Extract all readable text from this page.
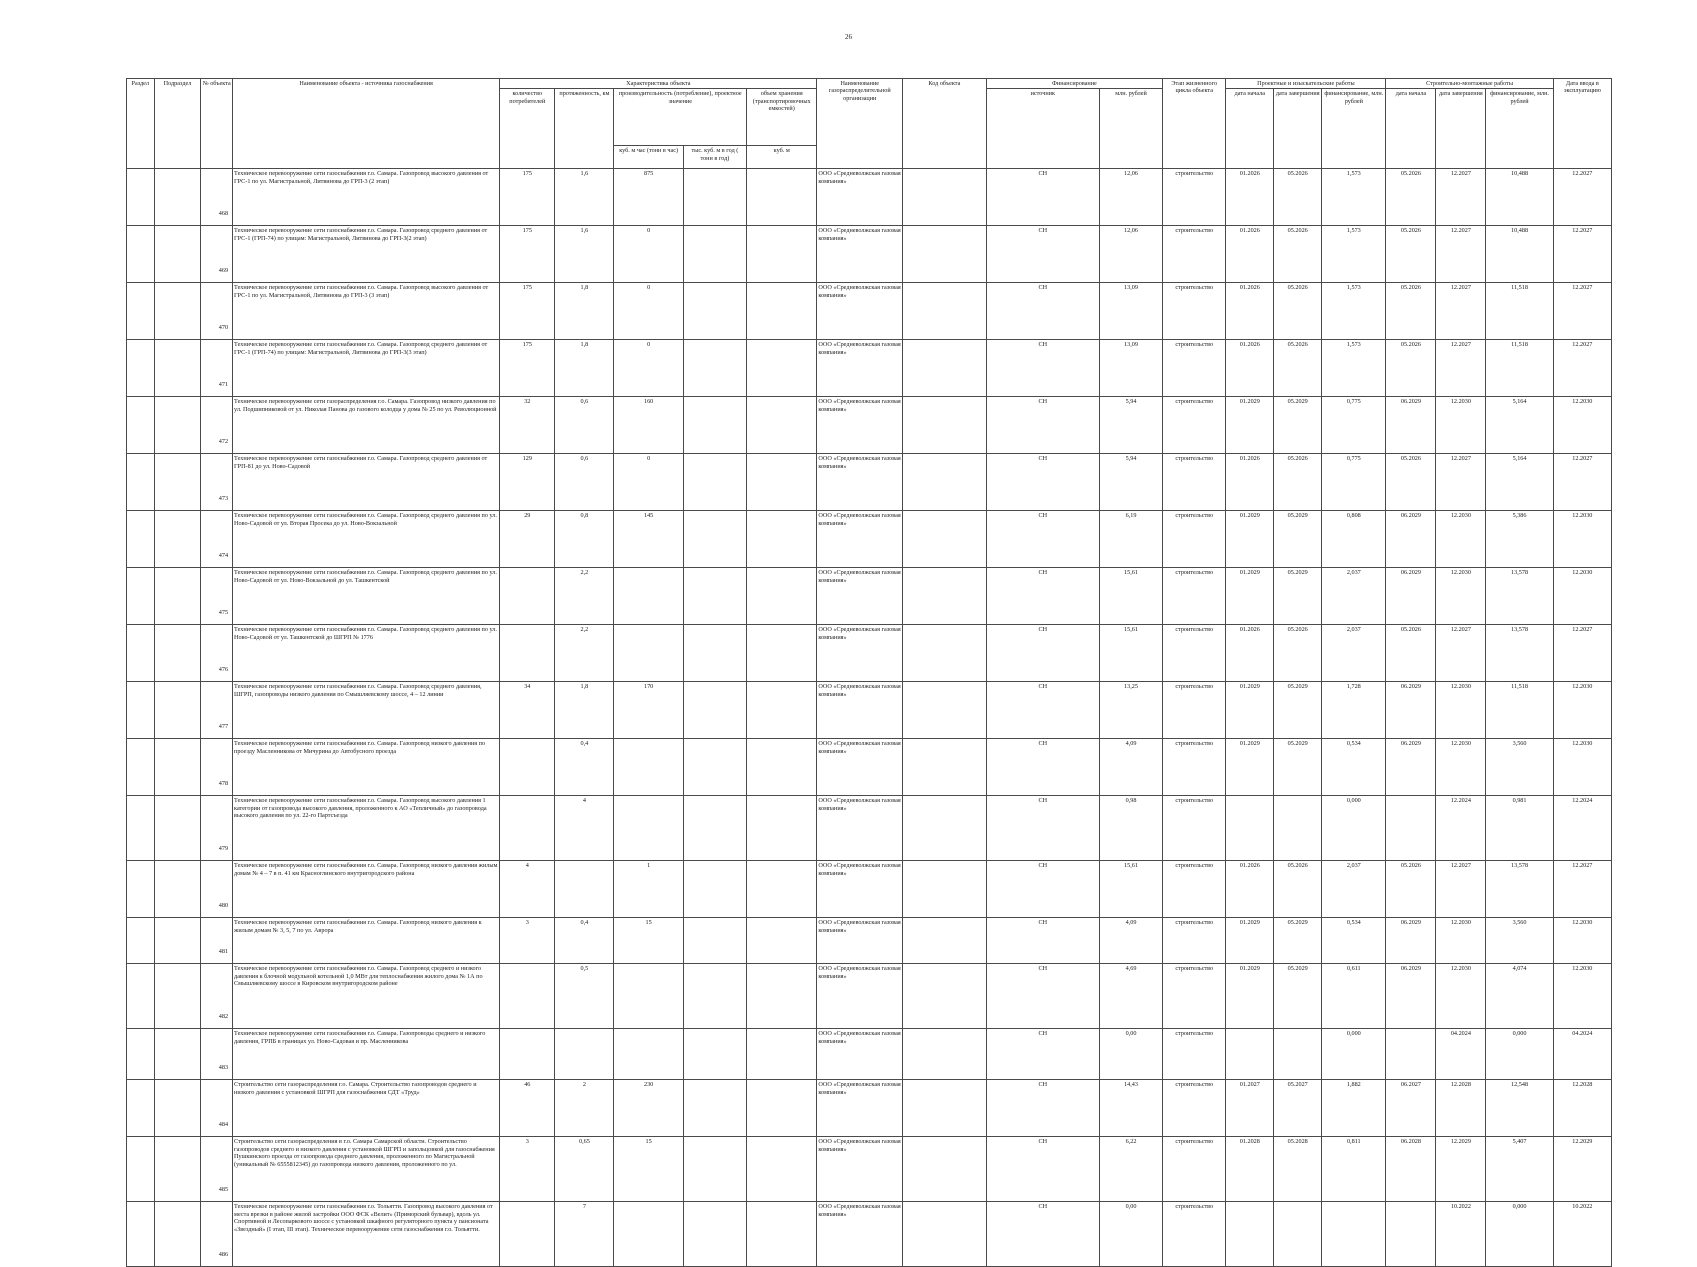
26
Раздел	Подраздел	№ объекта	Наименование объекта - источника газоснабжения	Характеристика объекта					Наименование газораспределительной организации	Код объекта	Финансирование		Этап жизненного цикла объекта	Проектные и изыскательские работы			Строительно-монтажные работы			Дата ввода в эксплуатацию
				количество потребителей	протяженность, км	производительность (потребление), проектное значение		объем хранения (транспортировочных емкостей)			источник	млн. рублей		дата начала	дата завершения	финансирование, млн. рублей	дата начала	дата завершения	финансирование, млн. рублей	
						куб. м час (тонн в час)	тыс. куб. м в год ( тонн в год)	куб. м												
		468	Техническое перевооружение сети газоснабжения г.о. Самара. Газопровод высокого давления от ГРС-1 по ул. Магистральной, Литвинова до ГРП-3 (2 этап)	175	1,6	875			ООО «Средневолжская газовая компания»		СН	12,06	строительство	01.2026	05.2026	1,573	05.2026	12.2027	10,488	12.2027
		469	Техническое перевооружение сети газоснабжения г.о. Самара. Газопровод среднего давления от ГРС-1 (ГРП-74) по улицам: Магистральной, Литвинова до ГРП-3(2 этап)	175	1,6	0			ООО «Средневолжская газовая компания»		СН	12,06	строительство	01.2026	05.2026	1,573	05.2026	12.2027	10,488	12.2027
		470	Техническое перевооружение сети газоснабжения г.о. Самара. Газопровод высокого давления от ГРС-1 по ул. Магистральной, Литвинова до ГРП-3 (3 этап)	175	1,8	0			ООО «Средневолжская газовая компания»		СН	13,09	строительство	01.2026	05.2026	1,573	05.2026	12.2027	11,518	12.2027
		471	Техническое перевооружение сети газоснабжения г.о. Самара. Газопровод среднего давления от ГРС-1 (ГРП-74) по улицам: Магистральной, Литвинова до ГРП-3(3 этап)	175	1,8	0			ООО «Средневолжская газовая компания»		СН	13,09	строительство	01.2026	05.2026	1,573	05.2026	12.2027	11,518	12.2027
		472	Техническое перевооружение сети газораспределения г.о. Самара. Газопровод низкого давления по ул. Подшипниковой от ул. Николая Панова до газового колодца у дома № 25 по ул. Революционной	32	0,6	160			ООО «Средневолжская газовая компания»		СН	5,94	строительство	01.2029	05.2029	0,775	06.2029	12.2030	5,164	12.2030
		473	Техническое перевооружение сети газоснабжения г.о. Самара. Газопровод среднего давления от ГРП-81 до ул. Ново-Садовой	129	0,6	0			ООО «Средневолжская газовая компания»		СН	5,94	строительство	01.2026	05.2026	0,775	05.2026	12.2027	5,164	12.2027
		474	Техническое перевооружение сети газоснабжения г.о. Самара. Газопровод среднего давления по ул. Ново-Садовой от ул. Вторая Просека до ул. Ново-Вокзальной	29	0,8	145			ООО «Средневолжская газовая компания»		СН	6,19	строительство	01.2029	05.2029	0,808	06.2029	12.2030	5,386	12.2030
		475	Техническое перевооружение сети газоснабжения г.о. Самара. Газопровод среднего давления по ул. Ново-Садовой от ул. Ново-Вокзальной до ул. Ташкентской		2,2				ООО «Средневолжская газовая компания»		СН	15,61	строительство	01.2029	05.2029	2,037	06.2029	12.2030	13,578	12.2030
		476	Техническое перевооружение сети газоснабжения г.о. Самара. Газопровод среднего давления по ул. Ново-Садовой от ул. Ташкентской до ШГРП № 1776		2,2				ООО «Средневолжская газовая компания»		СН	15,61	строительство	01.2026	05.2026	2,037	05.2026	12.2027	13,578	12.2027
		477	Техническое перевооружение сети газоснабжения г.о. Самара. Газопровод среднего давления, ШГРП, газопроводы низкого давления по Смышляевскому шоссе, 4 – 12 линии	34	1,8	170			ООО «Средневолжская газовая компания»		СН	13,25	строительство	01.2029	05.2029	1,728	06.2029	12.2030	11,518	12.2030
		478	Техническое перевооружение сети газоснабжения г.о. Самара. Газопровод низкого давления по проезду Масленникова от Мичурина до Автобусного проезда		0,4				ООО «Средневолжская газовая компания»		СН	4,09	строительство	01.2029	05.2029	0,534	06.2029	12.2030	3,560	12.2030
		479	Техническое перевооружение сети газоснабжения г.о. Самара. Газопровод высокого давления 1 категории от газопровода высокого давления, проложенного к АО «Тепличный» до газопровода высокого давления по ул. 22-го Партсъезда		4				ООО «Средневолжская газовая компания»		СН	0,98	строительство			0,000		12.2024	0,981	12.2024
		480	Техническое перевооружение сети газоснабжения г.о. Самара. Газопровод низкого давления жилым домам № 4 – 7 в п. 41 км Красноглинского внутригородского района	4		1			ООО «Средневолжская газовая компания»		СН	15,61	строительство	01.2026	05.2026	2,037	05.2026	12.2027	13,578	12.2027
		481	Техническое перевооружение сети газоснабжения г.о. Самара. Газопровод низкого давления к жилым домам № 3, 5, 7 по ул. Аврора	3	0,4	15			ООО «Средневолжская газовая компания»		СН	4,09	строительство	01.2029	05.2029	0,534	06.2029	12.2030	3,560	12.2030
		482	Техническое перевооружение сети газоснабжения г.о. Самара. Газопровод среднего и низкого давления к блочной модульной котельной 1,0 МВт для теплоснабжения жилого дома № 1А по Смышляевскому шоссе в Кировском внутригородском районе		0,5				ООО «Средневолжская газовая компания»		СН	4,69	строительство	01.2029	05.2029	0,611	06.2029	12.2030	4,074	12.2030
		483	Техническое перевооружение сети газоснабжения г.о. Самара. Газопроводы среднего и низкого давления, ГРПБ в границах ул. Ново-Садовая и пр. Масленникова						ООО «Средневолжская газовая компания»		СН	0,00	строительство			0,000		04.2024	0,000	04.2024
		484	Строительство сети газораспределения г.о. Самара. Строительство газопроводов среднего и низкого давления с установкой ШГРП для газоснабжения СДТ «Труд»	46	2	230			ООО «Средневолжская газовая компания»		СН	14,43	строительство	01.2027	05.2027	1,882	06.2027	12.2028	12,548	12.2028
		485	Строительство сети газораспределения в г.о. Самара Самарской области. Строительство газопроводов среднего и низкого давления с установкой ШГРП и запольцовкой для газоснабжения Пушкинского проезда от газопровода среднего давления, проложенного по Магистральной (уникальный № 6555812345) до газопровода низкого давления, проложенного по ул.	3	0,65	15			ООО «Средневолжская газовая компания»		СН	6,22	строительство	01.2028	05.2028	0,811	06.2028	12.2029	5,407	12.2029
		486	Техническое перевооружение сети газоснабжения г.о. Тольятти. Газопровод высокого давления от места врезки в районе жилой застройки ООО ФСК «Велит» (Приморский бульвар), вдоль ул. Спортивной и Лесопаркового шоссе с установкой шкафного регуляторного пункта у пансионата «Звездный» (I этап, III этап). Техническое перевооружение сети газоснабжения г.о. Тольятти.		7				ООО «Средневолжская газовая компания»		СН	0,00	строительство					10.2022	0,000	10.2022
